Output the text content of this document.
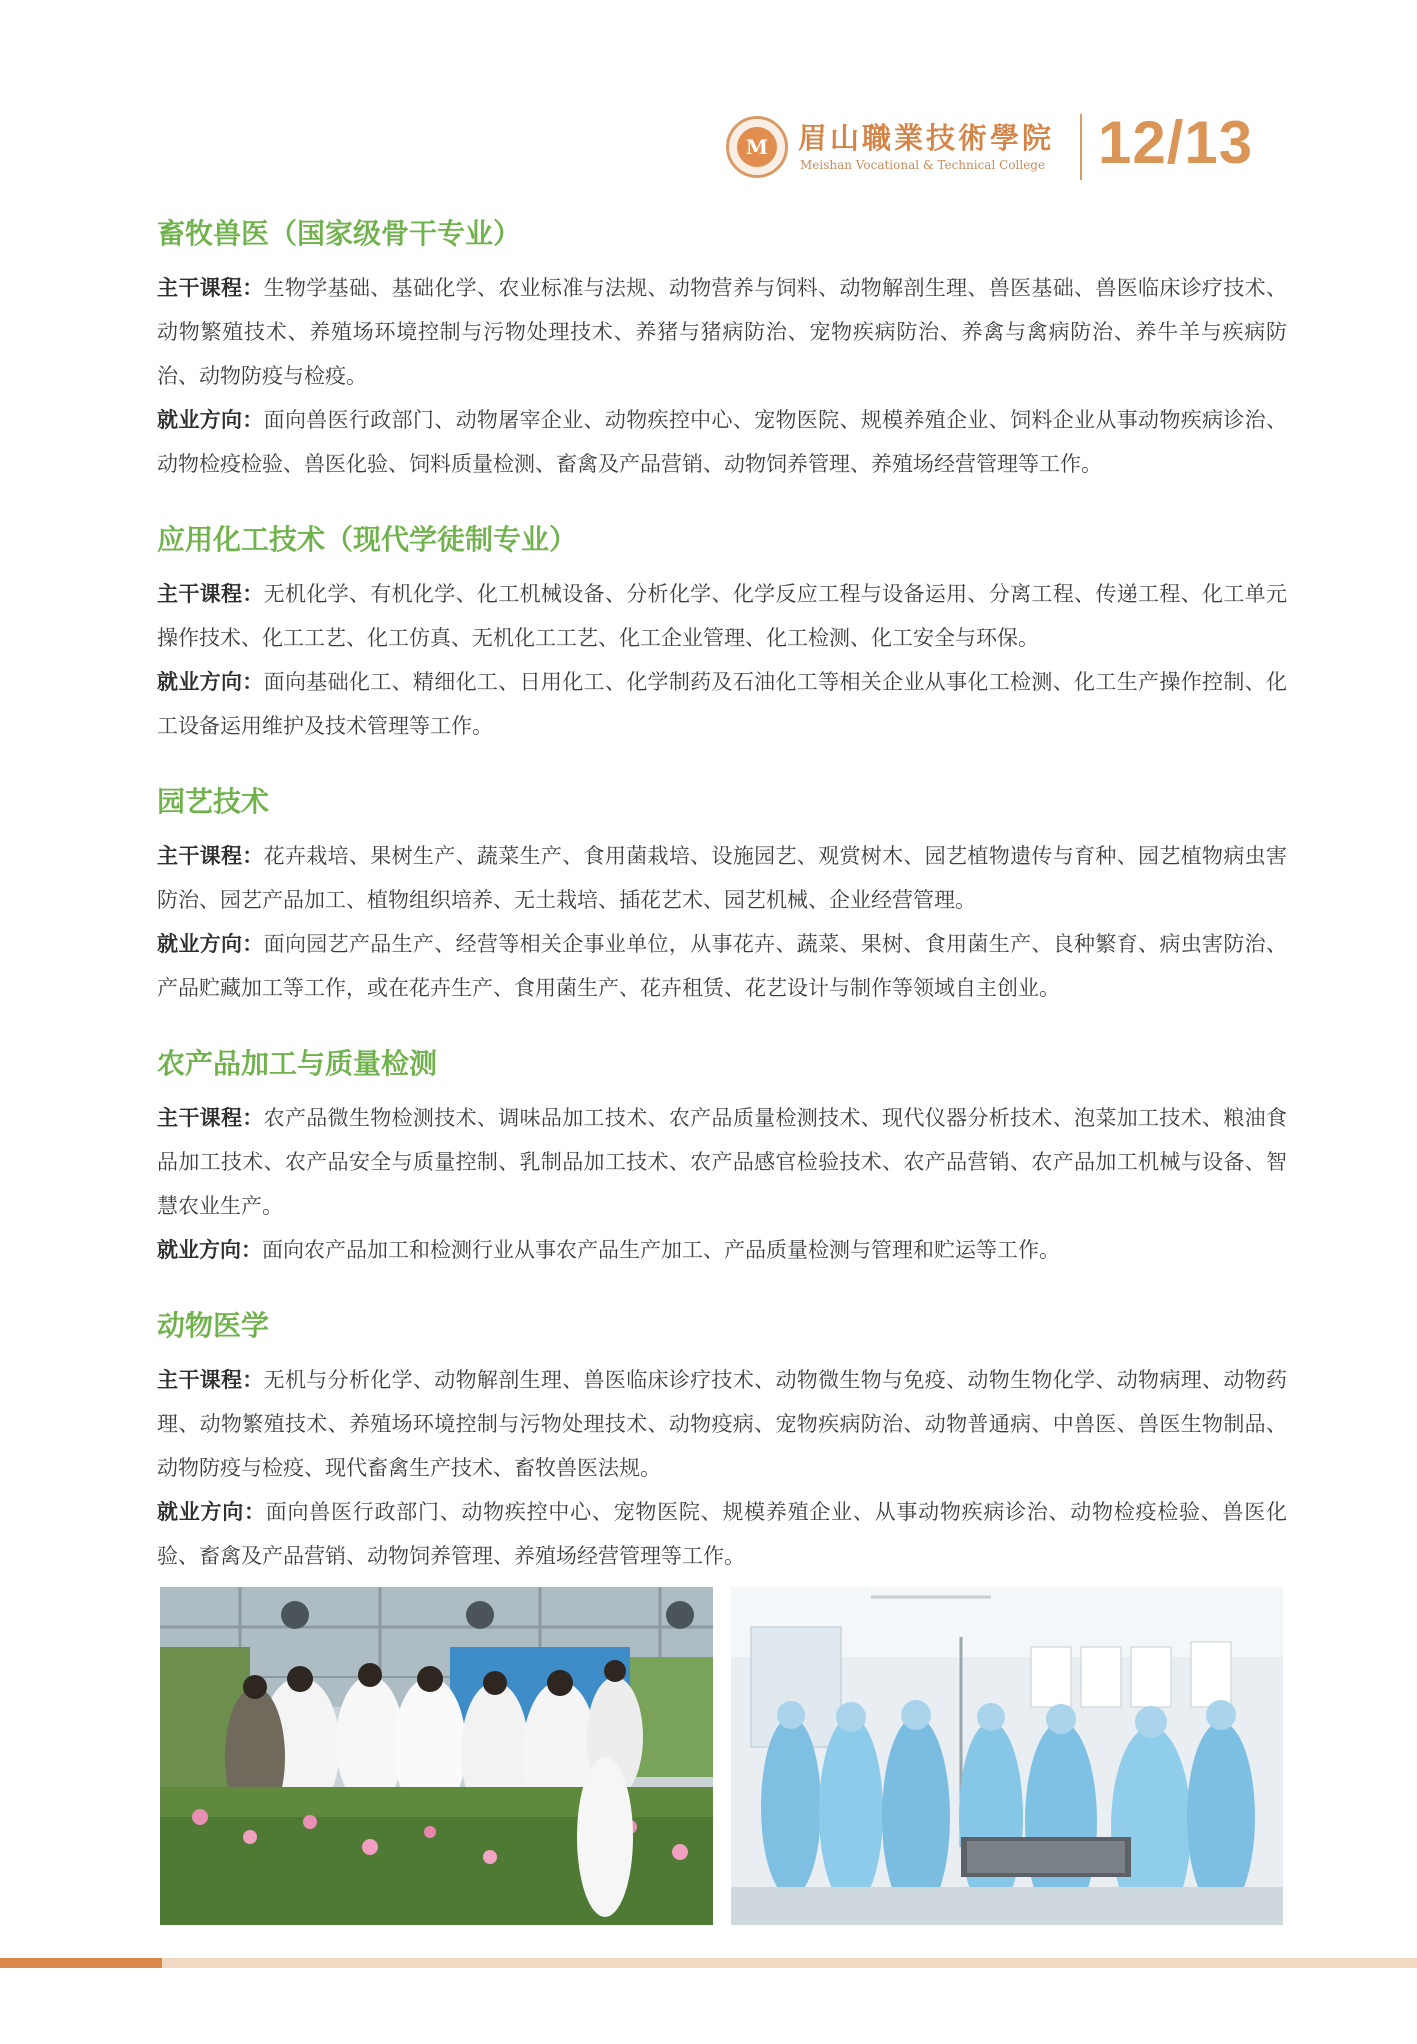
M	眉山職業技術學院
Meishan Vocational & Technical College 12/13
畜牧兽医（国家级骨干专业）

主干课程：生物学基础、基础化学、农业标准与法规、动物营养与饲料、动物解剖生理、兽医基础、兽医临床诊疗技术、动物繁殖技术、养殖场环境控制与污物处理技术、养猪与猪病防治、宠物疾病防治、养禽与禽病防治、养牛羊与疾病防治、动物防疫与检疫。

就业方向：面向兽医行政部门、动物屠宰企业、动物疾控中心、宠物医院、规模养殖企业、饲料企业从事动物疾病诊治、动物检疫检验、兽医化验、饲料质量检测、畜禽及产品营销、动物饲养管理、养殖场经营管理等工作。

应用化工技术（现代学徒制专业）

主干课程：无机化学、有机化学、化工机械设备、分析化学、化学反应工程与设备运用、分离工程、传递工程、化工单元操作技术、化工工艺、化工仿真、无机化工工艺、化工企业管理、化工检测、化工安全与环保。

就业方向：面向基础化工、精细化工、日用化工、化学制药及石油化工等相关企业从事化工检测、化工生产操作控制、化工设备运用维护及技术管理等工作。

园艺技术

主干课程：花卉栽培、果树生产、蔬菜生产、食用菌栽培、设施园艺、观赏树木、园艺植物遗传与育种、园艺植物病虫害防治、园艺产品加工、植物组织培养、无土栽培、插花艺术、园艺机械、企业经营管理。

就业方向：面向园艺产品生产、经营等相关企事业单位，从事花卉、蔬菜、果树、食用菌生产、良种繁育、病虫害防治、产品贮藏加工等工作，或在花卉生产、食用菌生产、花卉租赁、花艺设计与制作等领域自主创业。

农产品加工与质量检测

主干课程：农产品微生物检测技术、调味品加工技术、农产品质量检测技术、现代仪器分析技术、泡菜加工技术、粮油食品加工技术、农产品安全与质量控制、乳制品加工技术、农产品感官检验技术、农产品营销、农产品加工机械与设备、智慧农业生产。

就业方向：面向农产品加工和检测行业从事农产品生产加工、产品质量检测与管理和贮运等工作。

动物医学

主干课程：无机与分析化学、动物解剖生理、兽医临床诊疗技术、动物微生物与免疫、动物生物化学、动物病理、动物药理、动物繁殖技术、养殖场环境控制与污物处理技术、动物疫病、宠物疾病防治、动物普通病、中兽医、兽医生物制品、动物防疫与检疫、现代畜禽生产技术、畜牧兽医法规。

就业方向：面向兽医行政部门、动物疾控中心、宠物医院、规模养殖企业、从事动物疾病诊治、动物检疫检验、兽医化验、畜禽及产品营销、动物饲养管理、养殖场经营管理等工作。
